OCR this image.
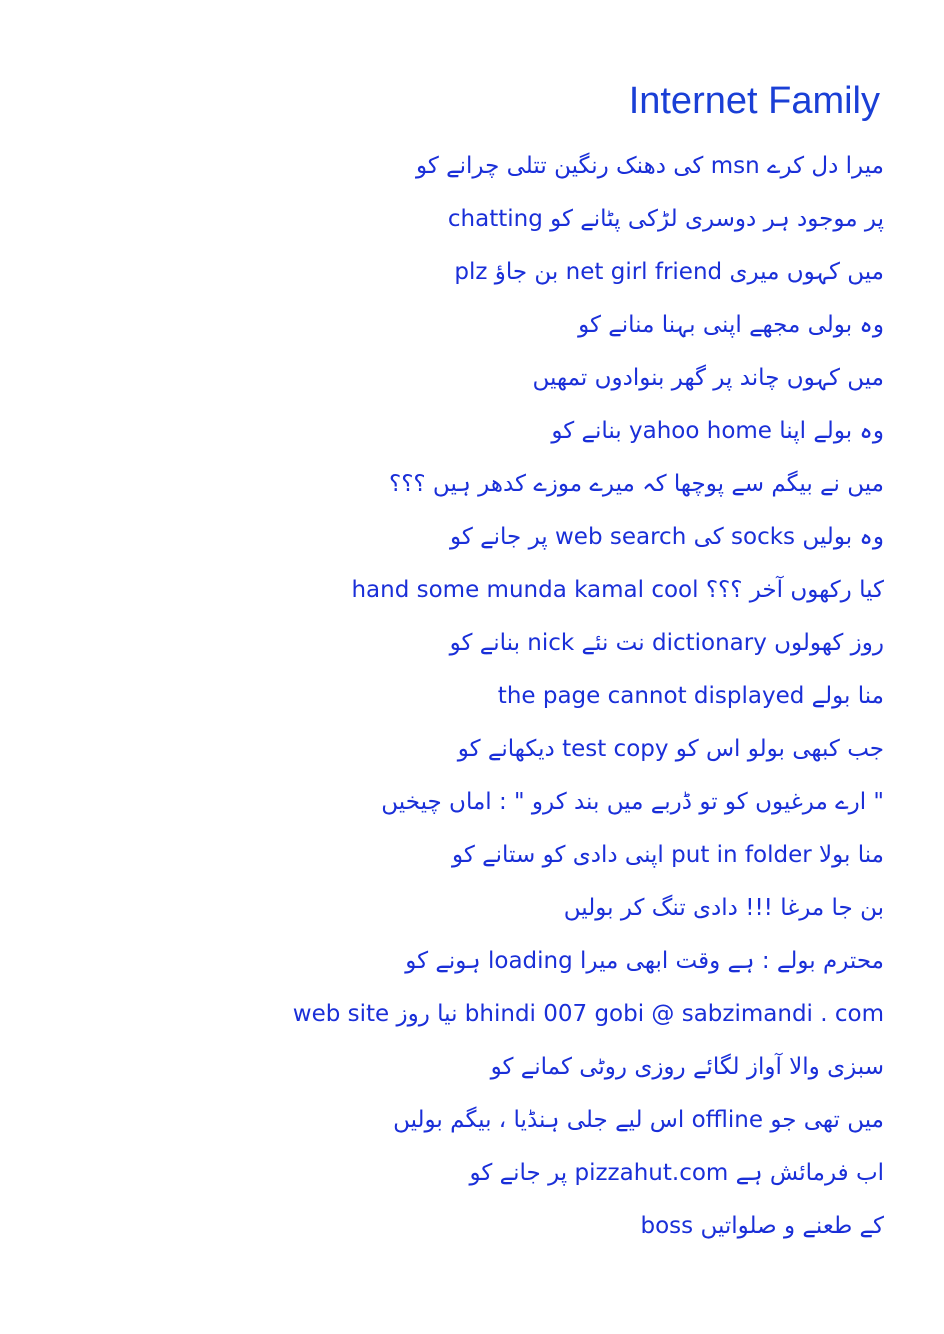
Internet Family
میرا دل کرے msn کی دھنک رنگین تتلی چرانے کو
chatting پر موجود ہر دوسری لڑکی پٹانے کو
میں کہوں میری net girl friend بن جاؤ plz
وہ بولی مجھے اپنی بہنا منانے کو
میں کہوں چاند پر گھر بنوادوں تمھیں
وہ بولے اپنا yahoo home بنانے کو
میں نے بیگم سے پوچھا کہ میرے موزے کدھر ہیں ؟؟؟
وہ بولیں socks کی web search پر جانے کو
hand some munda kamal cool کیا رکھوں آخر ؟؟؟
روز کھولوں dictionary نت نئے nick بنانے کو
the page cannot displayed منا بولے
جب کبھی بولو اس کو test copy دیکھانے کو
" ارے مرغیوں کو تو ڈربے میں بند کرو " : اماں چیخیں
منا بولا put in folder اپنی دادی کو ستانے کو
بن جا مرغا !!! دادی تنگ کر بولیں
محترم بولے : ہے وقت ابھی میرا loading ہونے کو
web site نیا روز bhindi 007 gobi @ sabzimandi . com
سبزی والا آواز لگائے روزی روٹی کمانے کو
میں تھی جو offline اس لیے جلی ہنڈیا ، بیگم بولیں
اب فرمائش ہے pizzahut.com پر جانے کو
boss کے طعنے و صلواتیں
